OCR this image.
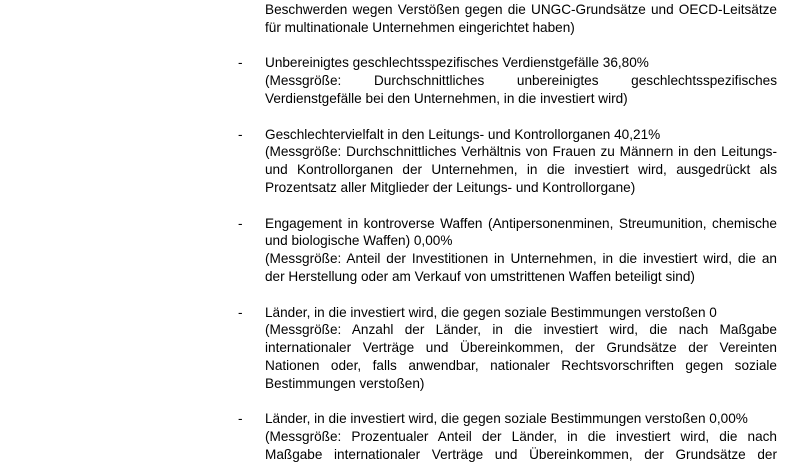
Beschwerden wegen Verstößen gegen die UNGC-Grundsätze und OECD-Leitsätze
für multinationale Unternehmen eingerichtet haben)
-	Unbereinigtes geschlechtsspezifisches Verdienstgefälle 36,80%
(Messgröße: Durchschnittliches unbereinigtes geschlechtsspezifisches
Verdienstgefälle bei den Unternehmen, in die investiert wird)
-	Geschlechtervielfalt in den Leitungs- und Kontrollorganen 40,21%
(Messgröße: Durchschnittliches Verhältnis von Frauen zu Männern in den Leitungs-
und Kontrollorganen der Unternehmen, in die investiert wird, ausgedrückt als
Prozentsatz aller Mitglieder der Leitungs- und Kontrollorgane)
-	Engagement in kontroverse Waffen (Antipersonenminen, Streumunition, chemische
und biologische Waffen) 0,00%
(Messgröße: Anteil der Investitionen in Unternehmen, in die investiert wird, die an
der Herstellung oder am Verkauf von umstrittenen Waffen beteiligt sind)
-	Länder, in die investiert wird, die gegen soziale Bestimmungen verstoßen 0
(Messgröße: Anzahl der Länder, in die investiert wird, die nach Maßgabe
internationaler Verträge und Übereinkommen, der Grundsätze der Vereinten
Nationen oder, falls anwendbar, nationaler Rechtsvorschriften gegen soziale
Bestimmungen verstoßen)
-	Länder, in die investiert wird, die gegen soziale Bestimmungen verstoßen 0,00%
(Messgröße: Prozentualer Anteil der Länder, in die investiert wird, die nach
Maßgabe internationaler Verträge und Übereinkommen, der Grundsätze der
